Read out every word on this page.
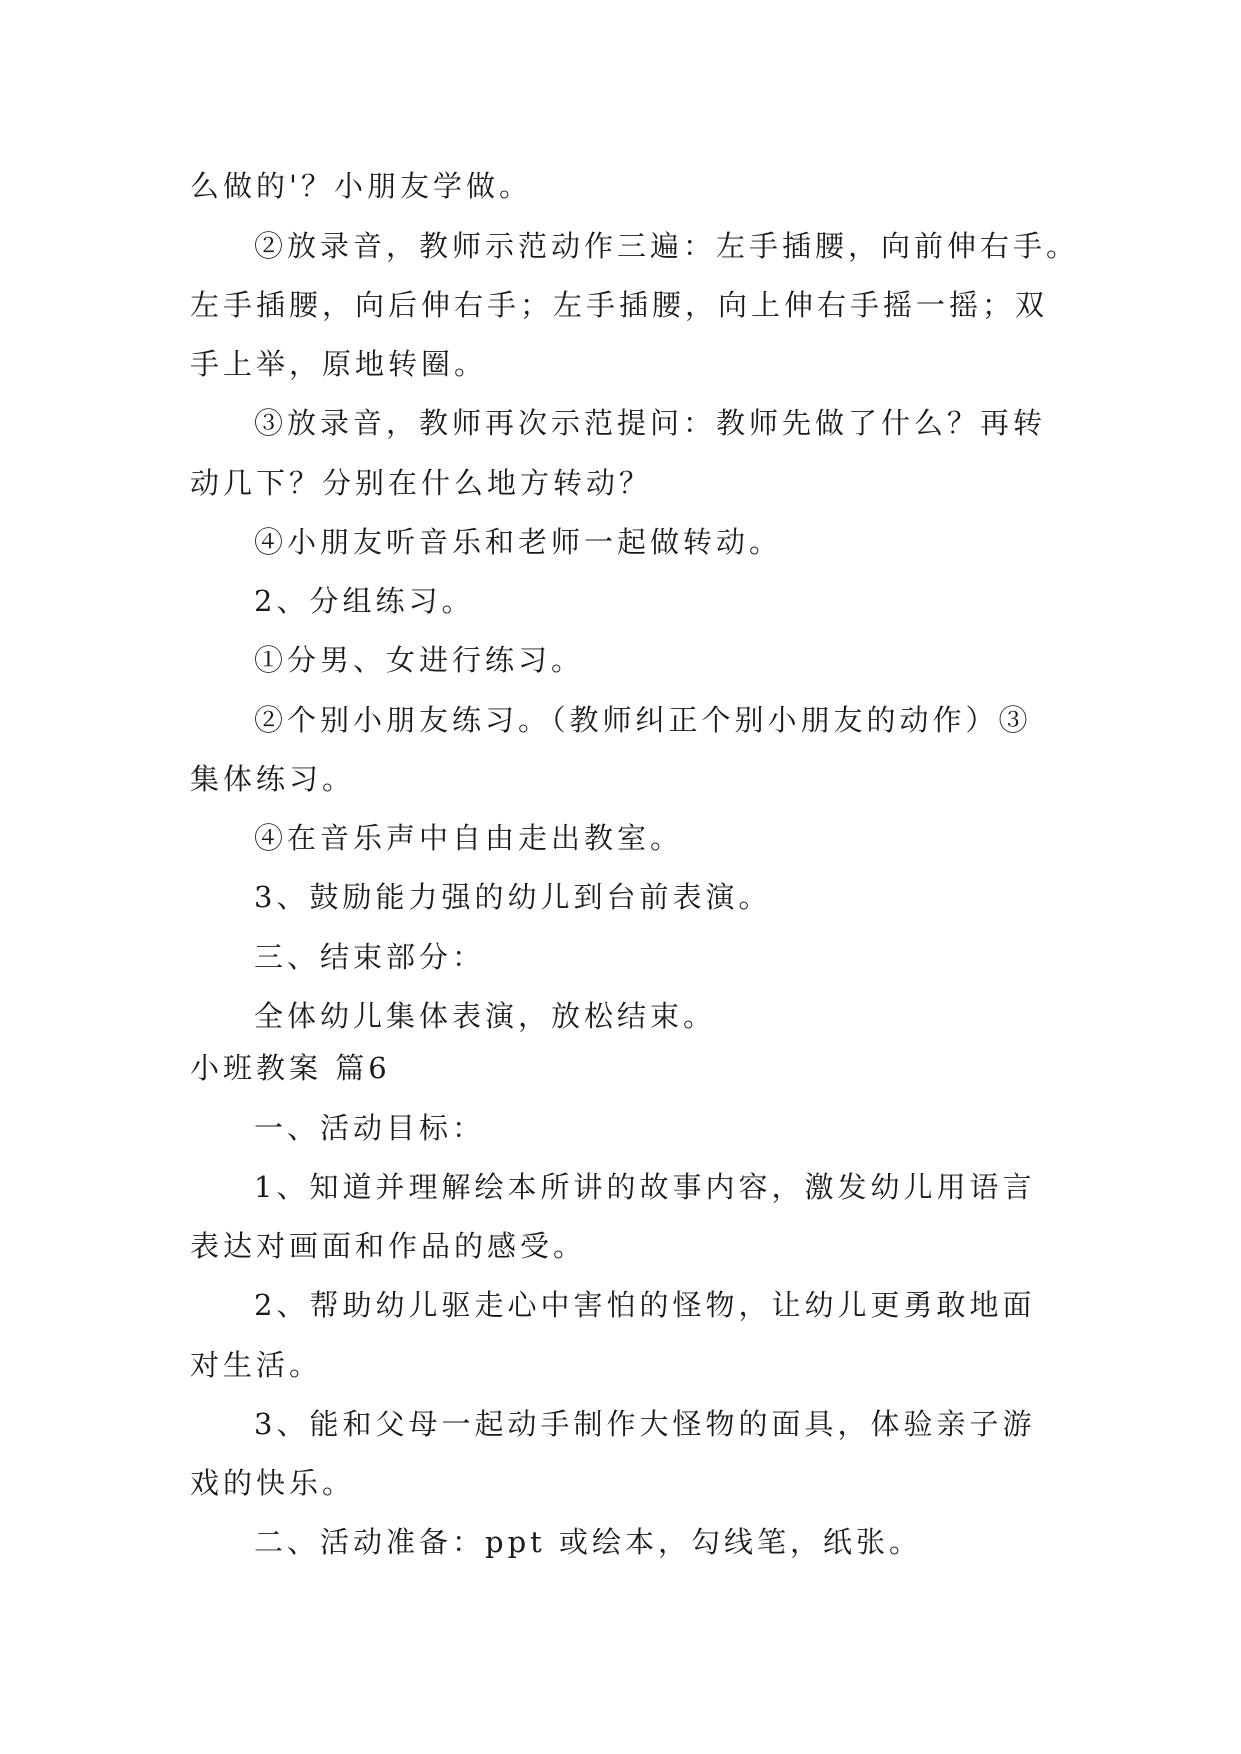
么做的'？小朋友学做。
②放录音，教师示范动作三遍：左手插腰，向前伸右手。
左手插腰，向后伸右手；左手插腰，向上伸右手摇一摇；双
手上举，原地转圈。
③放录音，教师再次示范提问：教师先做了什么？再转
动几下？分别在什么地方转动？
④小朋友听音乐和老师一起做转动。
2、分组练习。
①分男、女进行练习。
②个别小朋友练习。（教师纠正个别小朋友的动作）③
集体练习。
④在音乐声中自由走出教室。
3、鼓励能力强的幼儿到台前表演。
三、结束部分：
全体幼儿集体表演，放松结束。
小班教案 篇6
一、活动目标：
1、知道并理解绘本所讲的故事内容，激发幼儿用语言
表达对画面和作品的感受。
2、帮助幼儿驱走心中害怕的怪物，让幼儿更勇敢地面
对生活。
3、能和父母一起动手制作大怪物的面具，体验亲子游
戏的快乐。
二、活动准备：ppt 或绘本，勾线笔，纸张。
